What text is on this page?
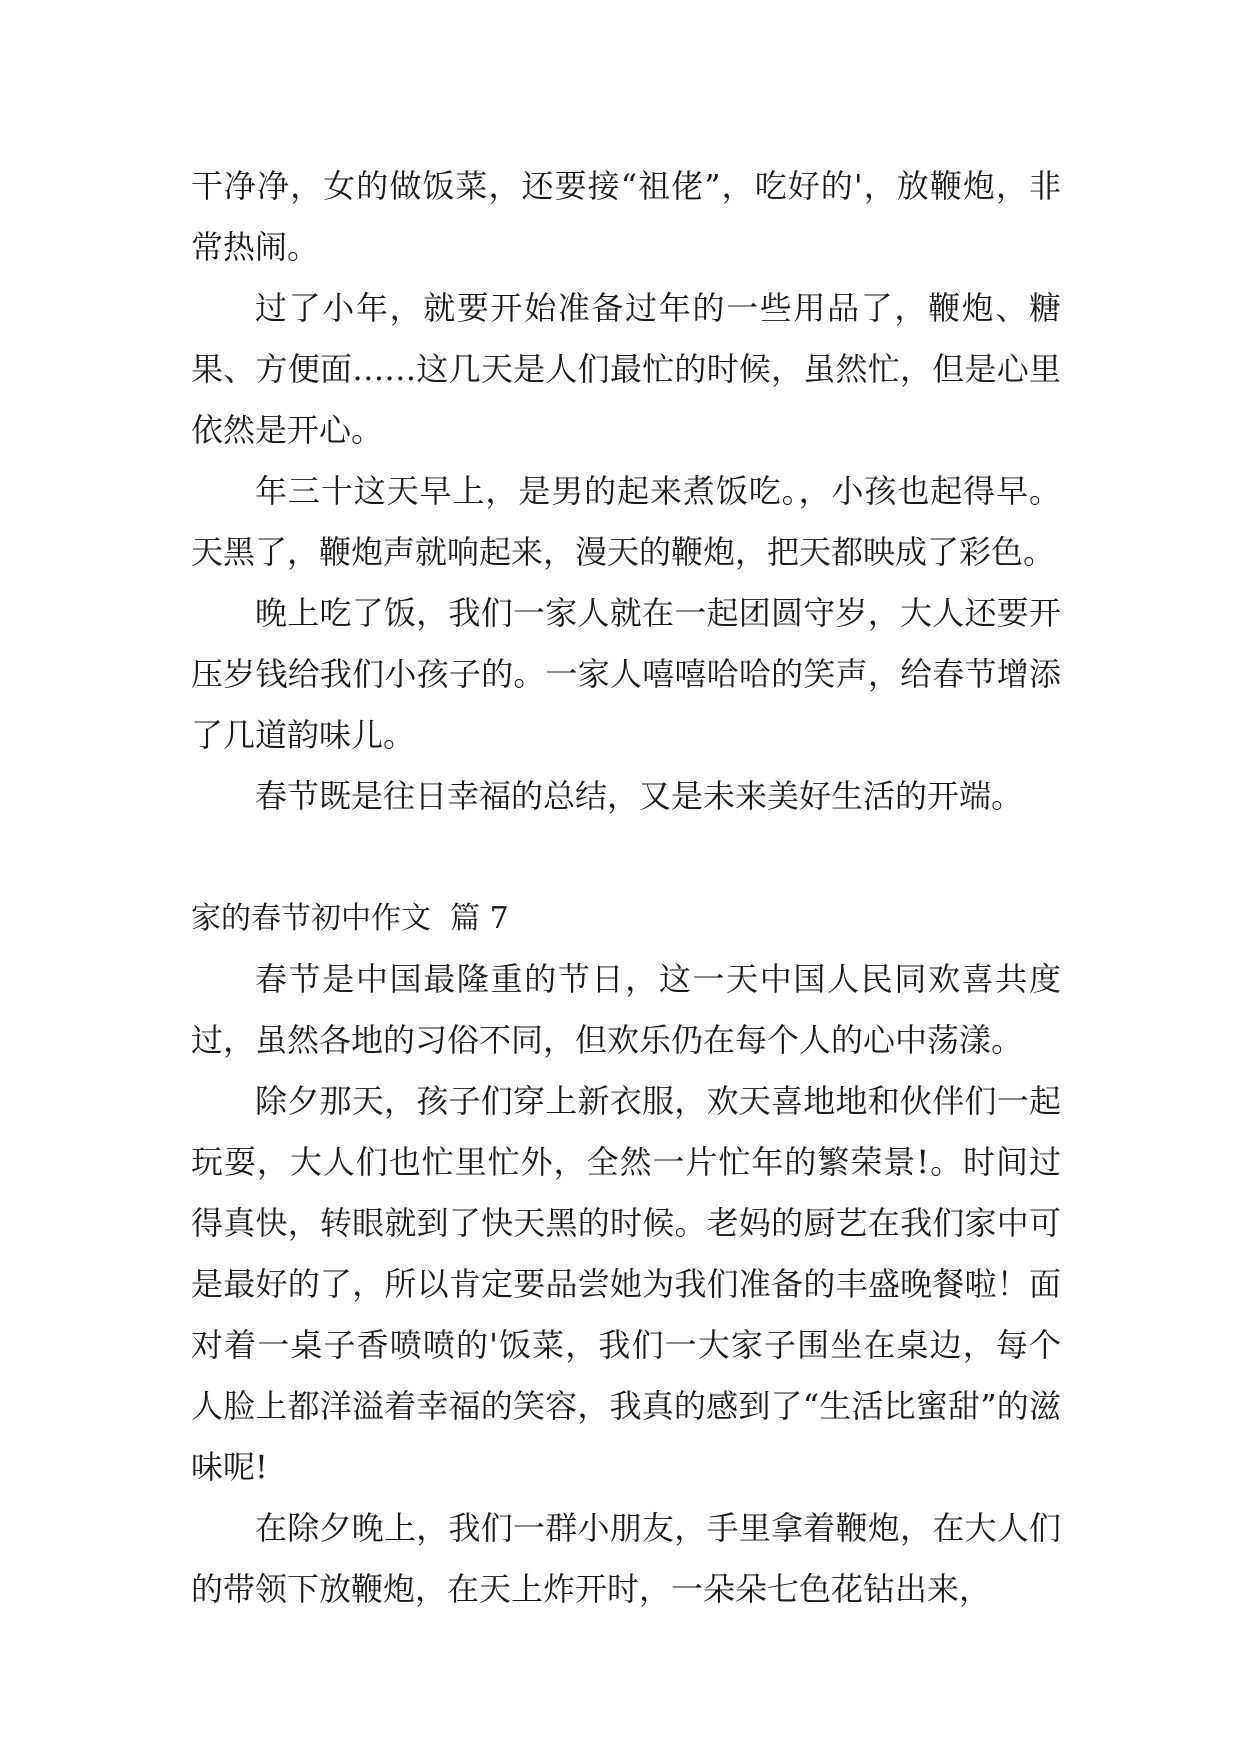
干净净，女的做饭菜，还要接“祖佬”，吃好的'，放鞭炮，非常热闹。

过了小年，就要开始准备过年的一些用品了，鞭炮、糖果、方便面……这几天是人们最忙的时候，虽然忙，但是心里依然是开心。

年三十这天早上，是男的起来煮饭吃。，小孩也起得早。天黑了，鞭炮声就响起来，漫天的鞭炮，把天都映成了彩色。

晚上吃了饭，我们一家人就在一起团圆守岁，大人还要开压岁钱给我们小孩子的。一家人嘻嘻哈哈的笑声，给春节增添了几道韵味儿。

春节既是往日幸福的总结，又是未来美好生活的开端。

家的春节初中作文  篇 7

春节是中国最隆重的节日，这一天中国人民同欢喜共度过，虽然各地的习俗不同，但欢乐仍在每个人的心中荡漾。

除夕那天，孩子们穿上新衣服，欢天喜地地和伙伴们一起玩耍，大人们也忙里忙外，全然一片忙年的繁荣景!。时间过得真快，转眼就到了快天黑的时候。老妈的厨艺在我们家中可是最好的了，所以肯定要品尝她为我们准备的丰盛晚餐啦！面对着一桌子香喷喷的'饭菜，我们一大家子围坐在桌边，每个人脸上都洋溢着幸福的笑容，我真的感到了“生活比蜜甜”的滋味呢!

在除夕晚上，我们一群小朋友，手里拿着鞭炮，在大人们的带领下放鞭炮，在天上炸开时，一朵朵七色花钻出来，
